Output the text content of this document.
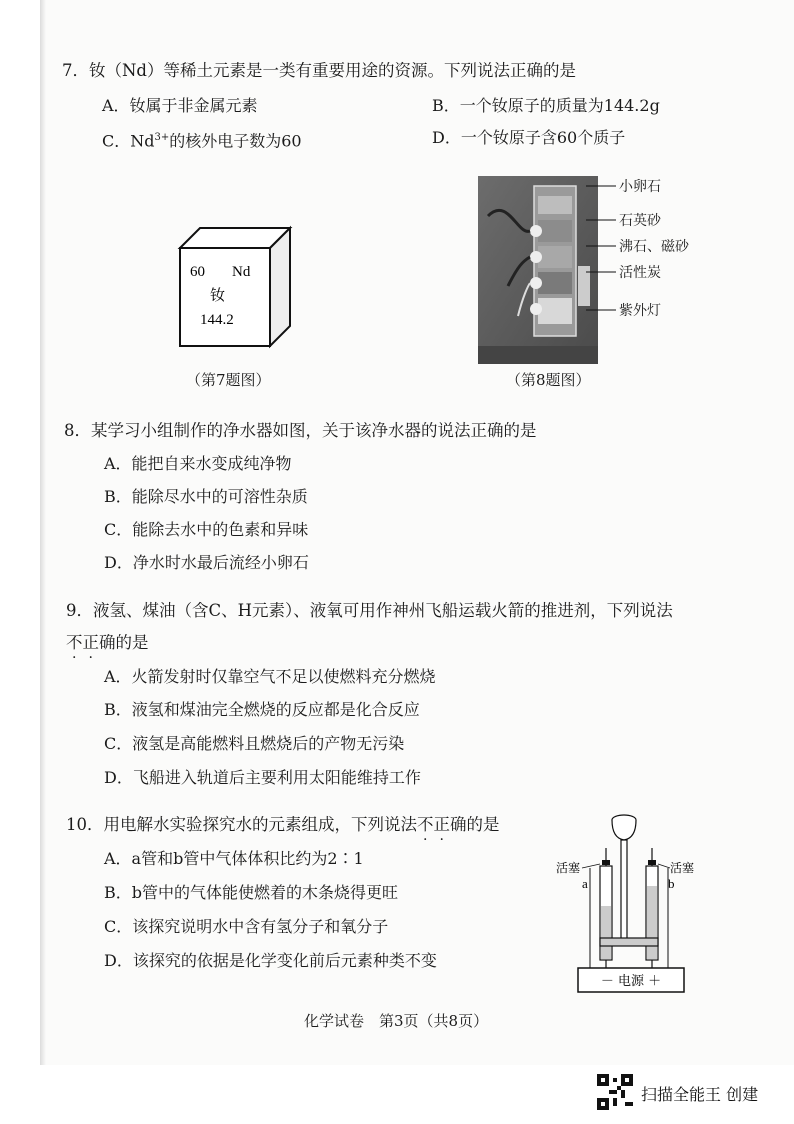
7．钕（Nd）等稀土元素是一类有重要用途的资源。下列说法正确的是
A．钕属于非金属元素	B．一个钕原子的质量为144.2g
C．$Nd^{3+}$的核外电子数为60	D．一个钕原子含60个质子
60 Nd
钕
144.2
（第7题图）
小卵石
石英砂
沸石、磁砂
活性炭
紫外灯
（第8题图）
8．某学习小组制作的净水器如图，关于该净水器的说法正确的是
A．能把自来水变成纯净物
B．能除尽水中的可溶性杂质
C．能除去水中的色素和异味
D．净水时水最后流经小卵石
9．液氢、煤油（含C、H元素）、液氧可用作神州飞船运载火箭的推进剂，下列说法
不正确的是
A．火箭发射时仅靠空气不足以使燃料充分燃烧
B．液氢和煤油完全燃烧的反应都是化合反应
C．液氢是高能燃料且燃烧后的产物无污染
D．飞船进入轨道后主要利用太阳能维持工作
10．用电解水实验探究水的元素组成，下列说法不正确的是
A．a管和b管中气体体积比约为2∶1
B．b管中的气体能使燃着的木条烧得更旺
C．该探究说明水中含有氢分子和氧分子
D．该探究的依据是化学变化前后元素种类不变
－ 电源 ＋
活塞
a
活塞
b
化学试卷　第3页（共8页）
扫描全能王 创建
